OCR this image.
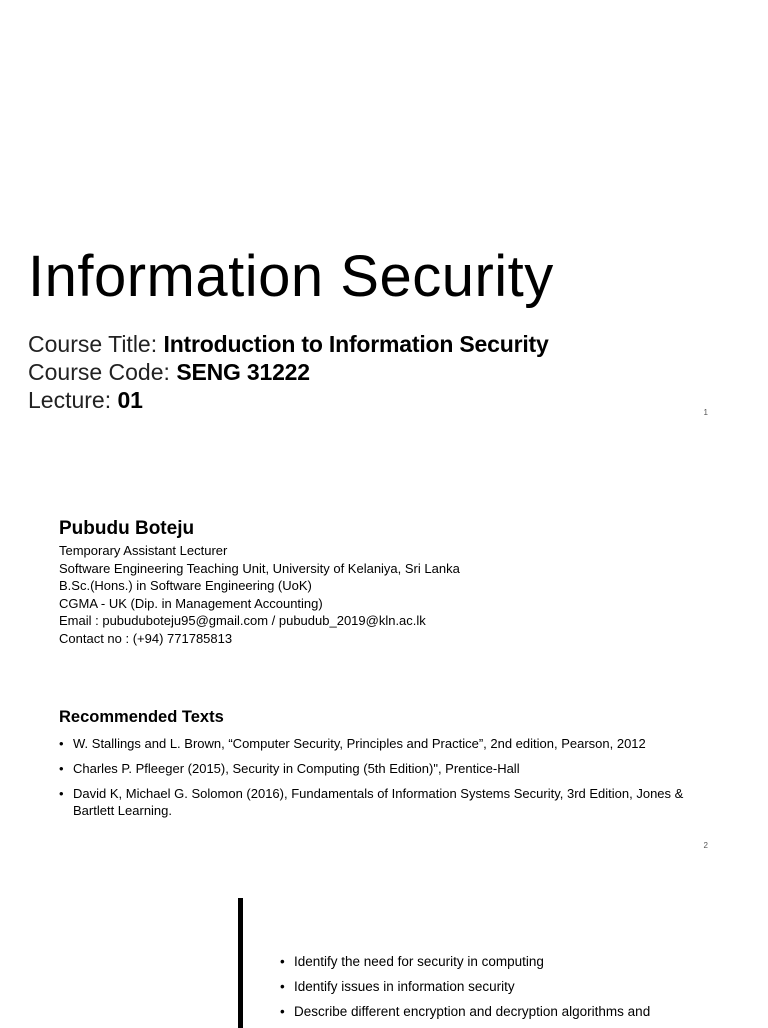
Information Security
Course Title: Introduction to Information Security
Course Code: SENG 31222
Lecture: 01	1
Pubudu Boteju
Temporary Assistant Lecturer
Software Engineering Teaching Unit, University of Kelaniya, Sri Lanka
B.Sc.(Hons.) in Software Engineering (UoK)
CGMA - UK (Dip. in Management Accounting)
Email : pubuduboteju95@gmail.com / pubudub_2019@kln.ac.lk
Contact no : (+94) 771785813
Recommended Texts
• W. Stallings and L. Brown, “Computer Security, Principles and Practice”, 2nd edition, Pearson, 2012
• Charles P. Pfleeger (2015), Security in Computing (5th Edition)", Prentice-Hall
• David K, Michael G. Solomon (2016), Fundamentals of Information Systems Security, 3rd Edition, Jones & Bartlett Learning.
2
• Identify the need for security in computing
• Identify issues in information security
• Describe different encryption and decryption algorithms and
